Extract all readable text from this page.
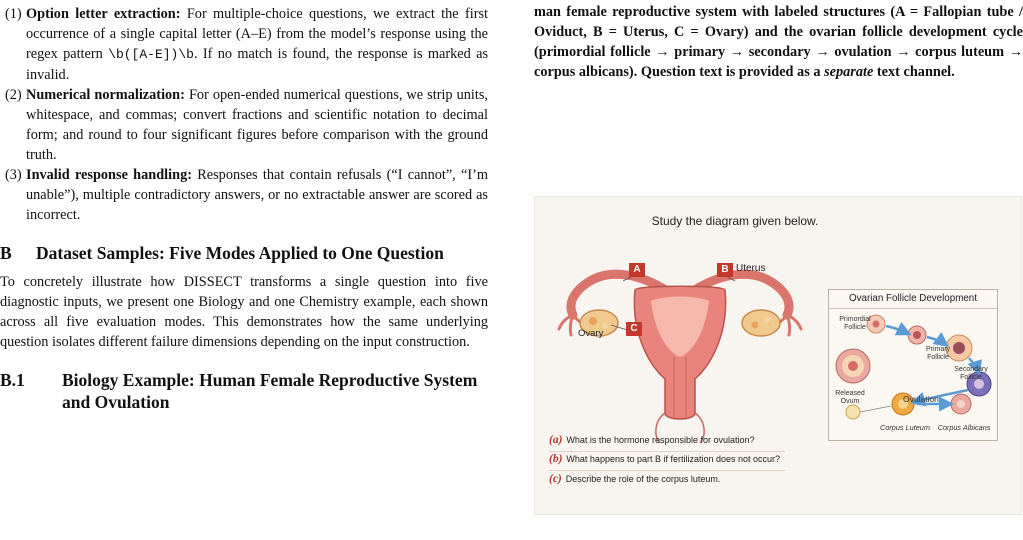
(1) Option letter extraction: For multiple-choice questions, we extract the first occurrence of a single capital letter (A–E) from the model’s response using the regex pattern \b([A-E])\b. If no match is found, the response is marked as invalid.
(2) Numerical normalization: For open-ended numerical questions, we strip units, whitespace, and commas; convert fractions and scientific notation to decimal form; and round to four significant figures before comparison with the ground truth.
(3) Invalid response handling: Responses that contain refusals (“I cannot”, “I’m unable”), multiple contradictory answers, or no extractable answer are scored as incorrect.
B	Dataset Samples: Five Modes Applied to One Question

To concretely illustrate how DISSECT transforms a single question into five diagnostic inputs, we present one Biology and one Chemistry example, each shown across all five evaluation modes. This demonstrates how the same underlying question isolates different failure dimensions depending on the input construction.

B.1	Biology Example: Human Female Reproductive System and Ovulation

man female reproductive system with labeled structures (A = Fallopian tube / Oviduct, B = Uterus, C = Ovary) and the ovarian follicle development cycle (primordial follicle → primary → secondary → ovulation → corpus luteum → corpus albicans). Question text is provided as a separate text channel.

Study the diagram given below.
A	B Uterus
C
Ovary
Ovarian Follicle Development
Primordial Follicle
Primary Follicle
Secondary Follicle
Released Ovum	Ovulation
Corpus Luteum	Corpus Albicans
(a) What is the hormone responsible for ovulation?
(b) What happens to part B if fertilization does not occur?
(c) Describe the role of the corpus luteum.
